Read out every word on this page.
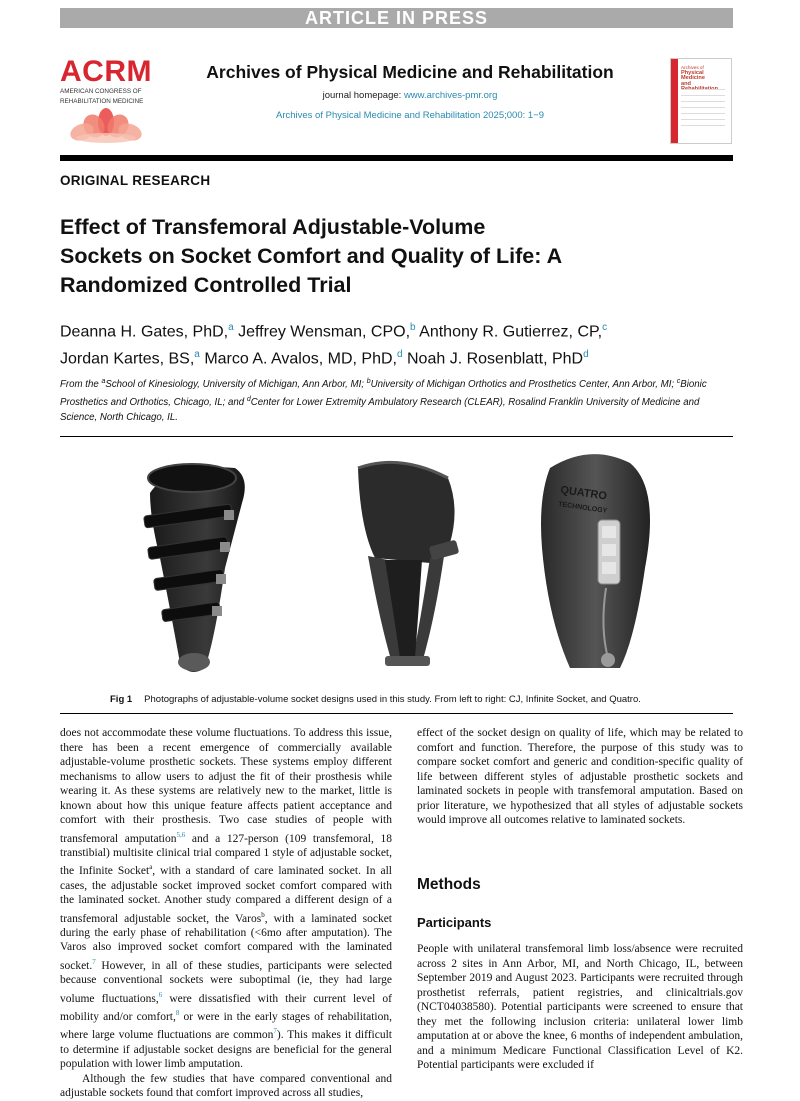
ARTICLE IN PRESS
ACRM
AMERICAN CONGRESS OF
REHABILITATION MEDICINE
Archives of Physical Medicine and Rehabilitation
journal homepage: www.archives-pmr.org
Archives of Physical Medicine and Rehabilitation 2025;000: 1−9
Archives of
Physical Medicine
and
ORIGINAL RESEARCH
Effect of Transfemoral Adjustable-Volume
Sockets on Socket Comfort and Quality of Life: A
Randomized Controlled Trial
Deanna H. Gates, PhD,$^a$ Jeffrey Wensman, CPO,$^b$ Anthony R. Gutierrez, CP,$^c$
Jordan Kartes, BS,$^a$ Marco A. Avalos, MD, PhD,$^d$ Noah J. Rosenblatt, PhD$^d$
From the $^a$School of Kinesiology, University of Michigan, Ann Arbor, MI; $^b$University of Michigan Orthotics and Prosthetics Center, Ann Arbor, MI; $^c$Bionic Prosthetics and Orthotics, Chicago, IL; and $^d$Center for Lower Extremity Ambulatory Research (CLEAR), Rosalind Franklin University of Medicine and Science, North Chicago, IL.
QUATRO
TECHNOLOGY
Fig 1 Photographs of adjustable-volume socket designs used in this study. From left to right: CJ, Infinite Socket, and Quatro.

does not accommodate these volume fluctuations. To address this issue, there has been a recent emergence of commercially available adjustable-volume prosthetic sockets. These systems employ different mechanisms to allow users to adjust the fit of their prosthesis while wearing it. As these systems are relatively new to the market, little is known about how this unique feature affects patient acceptance and comfort with their prosthesis. Two case studies of people with transfemoral amputation$^{5,6}$ and a 127-person (109 transfemoral, 18 transtibial) multisite clinical trial compared 1 style of adjustable socket, the Infinite Socket$^a$, with a standard of care laminated socket. In all cases, the adjustable socket improved socket comfort compared with the laminated socket. Another study compared a different design of a transfemoral adjustable socket, the Varos$^b$, with a laminated socket during the early phase of rehabilitation (<6mo after amputation). The Varos also improved socket comfort compared with the laminated socket.$^7$ However, in all of these studies, participants were selected because conventional sockets were suboptimal (ie, they had large volume fluctuations,$^6$ were dissatisfied with their current level of mobility and/or comfort,$^8$ or were in the early stages of rehabilitation, where large volume fluctuations are common$^7$). This makes it difficult to determine if adjustable socket designs are beneficial for the general population with lower limb amputation.

Although the few studies that have compared conventional and adjustable sockets found that comfort improved across all studies,

effect of the socket design on quality of life, which may be related to comfort and function. Therefore, the purpose of this study was to compare socket comfort and generic and condition-specific quality of life between different styles of adjustable prosthetic sockets and laminated sockets in people with transfemoral amputation. Based on prior literature, we hypothesized that all styles of adjustable sockets would improve all outcomes relative to laminated sockets.

Methods
Participants

People with unilateral transfemoral limb loss/absence were recruited across 2 sites in Ann Arbor, MI, and North Chicago, IL, between September 2019 and August 2023. Participants were recruited through prosthetist referrals, patient registries, and clinicaltrials.gov (NCT04038580). Potential participants were screened to ensure that they met the following inclusion criteria: unilateral lower limb amputation at or above the knee, 6 months of independent ambulation, and a minimum Medicare Functional Classification Level of K2. Potential participants were excluded if
